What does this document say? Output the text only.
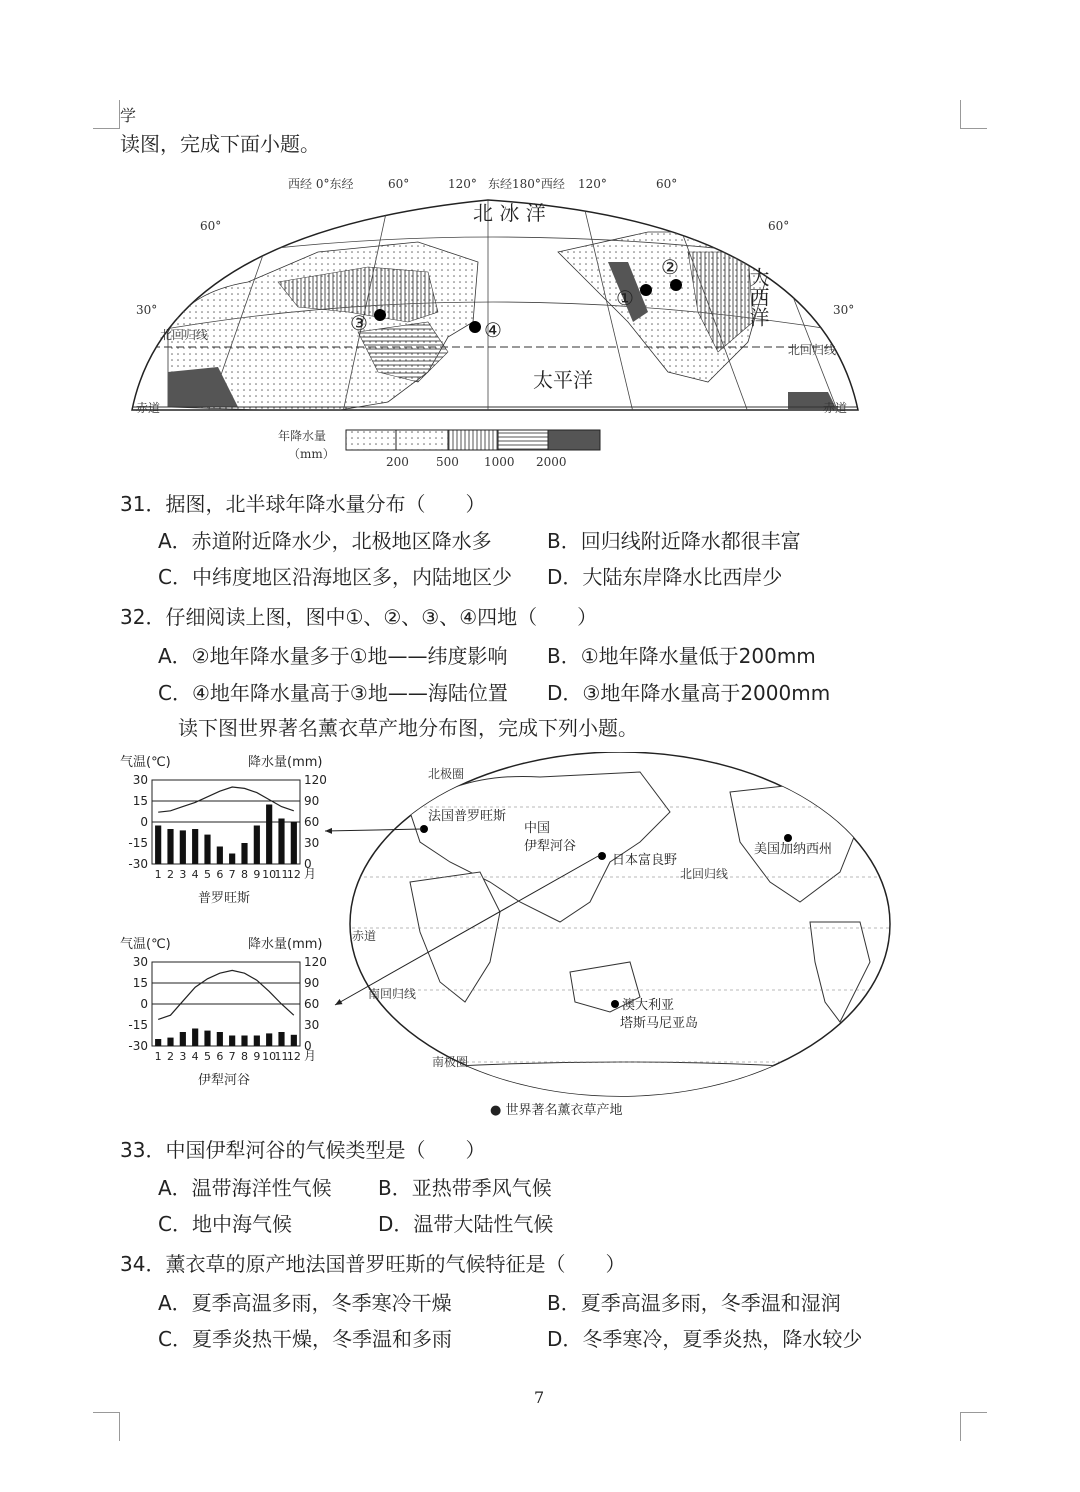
学
读图，完成下面小题。
西经 0°东经	60°	120° 东经180°西经 120°	60°
60°	60°
30°	30°
北 冰 洋
大西洋
太平洋
北回归线
北回归线
赤道	赤道
①
②
③	④
年降水量
（mm）
200 500 1000 2000
31．据图，北半球年降水量分布（　　）
A．赤道附近降水少，北极地区降水多	B．回归线附近降水都很丰富
C．中纬度地区沿海地区多，内陆地区少 D．大陆东岸降水比西岸少
32．仔细阅读上图，图中①、②、③、④四地（　　）
A．②地年降水量多于①地——纬度影响 B．①地年降水量低于200mm
C．④地年降水量高于③地——海陆位置 D．③地年降水量高于2000mm
读下图世界著名薰衣草产地分布图，完成下列小题。
气温(℃)	降水量(mm)
30	120
15	90
0	60
-15	30
-30	0
1 2 3 4 5 6 7 8 9 10
11
12 月
普罗旺斯
气温(℃)	降水量(mm)
30	120
15	90
0	60
-15	30
-30	0
1 2 3 4 5 6 7 8 9 10
11
12 月
伊犁河谷
北极圈
北回归线
赤道
南回归线
南极圈
法国普罗旺斯
中国
伊犁河谷
日本富良野
美国加纳西州
澳大利亚
塔斯马尼亚岛
● 世界著名薰衣草产地
33．中国伊犁河谷的气候类型是（　　）
A．温带海洋性气候 B．亚热带季风气候
C．地中海气候	D．温带大陆性气候
34．薰衣草的原产地法国普罗旺斯的气候特征是（　　）
A．夏季高温多雨，冬季寒冷干燥	B．夏季高温多雨，冬季温和湿润
C．夏季炎热干燥，冬季温和多雨	D．冬季寒冷，夏季炎热，降水较少
7
